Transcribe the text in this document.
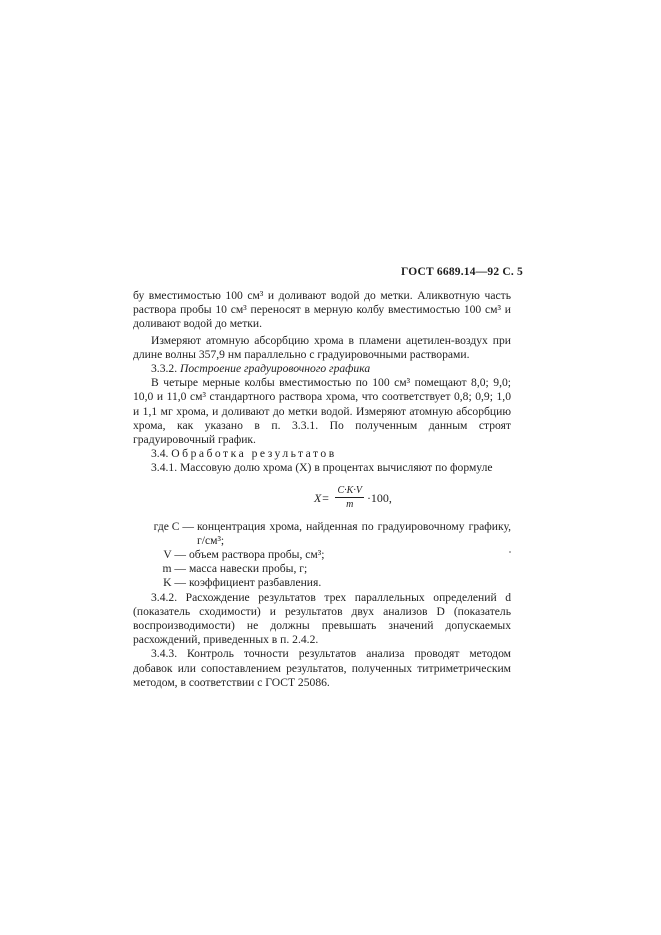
ГОСТ 6689.14—92 С. 5

бу вместимостью 100 см³ и доливают водой до метки. Аликвотную часть раствора пробы 10 см³ переносят в мерную колбу вместимостью 100 см³ и доливают водой до метки.

Измеряют атомную абсорбцию хрома в пламени ацетилен-воздух при длине волны 357,9 нм параллельно с градуировочными растворами.

3.3.2. Построение градуировочного графика

В четыре мерные колбы вместимостью по 100 см³ помещают 8,0; 9,0; 10,0 и 11,0 см³ стандартного раствора хрома, что соответствует 0,8; 0,9; 1,0 и 1,1 мг хрома, и доливают до метки водой. Измеряют атомную абсорбцию хрома, как указано в п. 3.3.1. По полученным данным строят градуировочный график.

3.4. Обработка результатов

3.4.1. Массовую долю хрома (X) в процентах вычисляют по формуле

$X= \frac{C\cdot K\cdot V}{m} \cdot 100$,
где C — концентрация хрома, найденная по градуировочному графику, г/см³;
V — объем раствора пробы, см³;
m — масса навески пробы, г;
K — коэффициент разбавления.

3.4.2. Расхождение результатов трех параллельных определений d (показатель сходимости) и результатов двух анализов D (показатель воспроизводимости) не должны превышать значений допускаемых расхождений, приведенных в п. 2.4.2.

3.4.3. Контроль точности результатов анализа проводят методом добавок или сопоставлением результатов, полученных титриметрическим методом, в соответствии с ГОСТ 25086.
